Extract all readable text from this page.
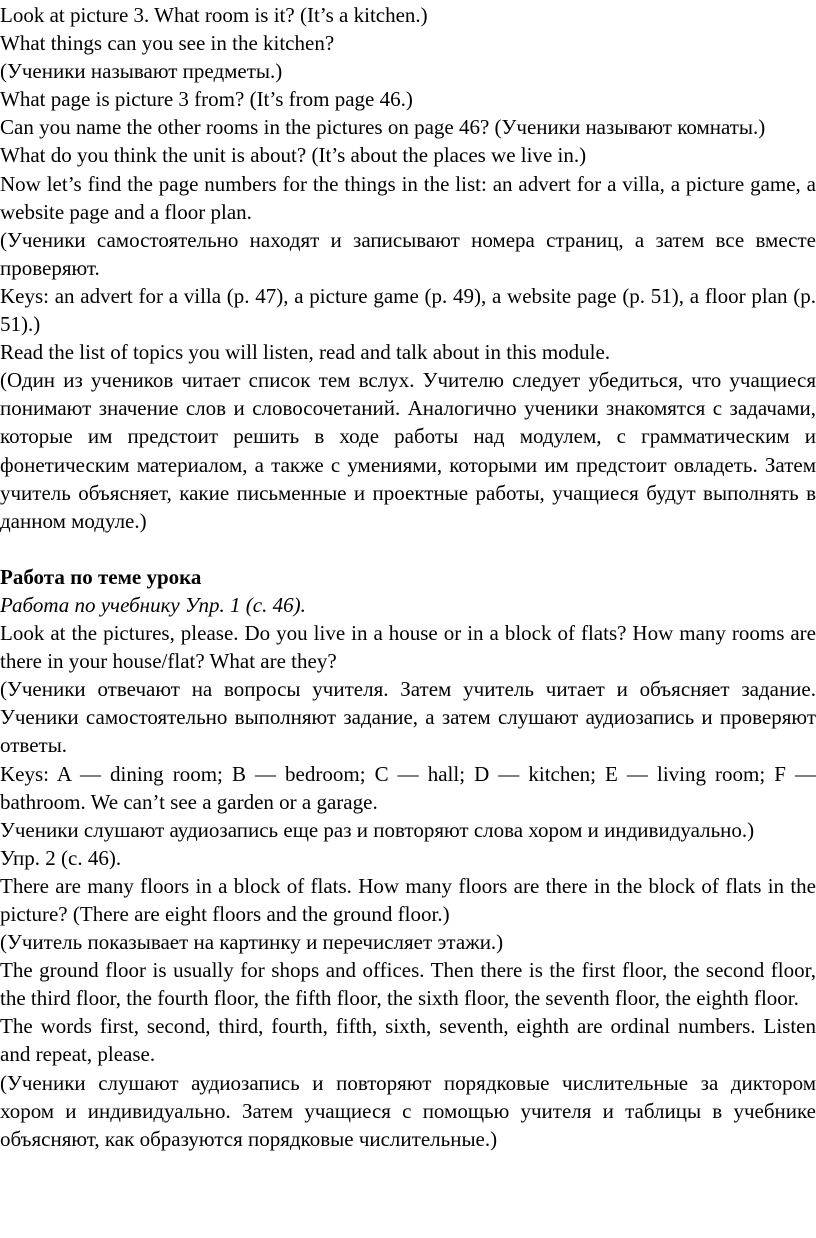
Look at picture 3. What room is it? (It’s a kitchen.)

What things can you see in the kitchen?

(Ученики называют предметы.)

What page is picture 3 from? (It’s from page 46.)

Can you name the other rooms in the pictures on page 46? (Ученики называют комнаты.)

What do you think the unit is about? (It’s about the places we live in.)

Now let’s find the page numbers for the things in the list: an advert for a villa, a picture game, a website page and a floor plan.

(Ученики самостоятельно находят и записывают номера страниц, а затем все вместе проверяют.

Keys: an advert for a villa (p. 47), a picture game (p. 49), a website page (p. 51), a floor plan (p. 51).)

Read the list of topics you will listen, read and talk about in this module.

(Один из учеников читает список тем вслух. Учителю следует убедиться, что учащиеся понимают значение слов и словосочетаний. Аналогично ученики знакомятся с задачами, которые им предстоит решить в ходе работы над модулем, с грамматическим и фонетическим материалом, а также с умениями, которыми им предстоит овладеть. Затем учитель объясняет, какие письменные и проектные работы, учащиеся будут выполнять в данном модуле.)

Работа по теме урока

Работа по учебнику Упр. 1 (с. 46).

Look at the pictures, please. Do you live in a house or in a block of flats? How many rooms are there in your house/flat? What are they?

(Ученики отвечают на вопросы учителя. Затем учитель читает и объясняет задание. Ученики самостоятельно выполняют задание, а затем слушают аудиозапись и проверяют ответы.

Keys: A — dining room; B — bedroom; C — hall; D — kitchen; E — living room; F — bathroom. We can’t see a garden or a garage.

Ученики слушают аудиозапись еще раз и повторяют слова хором и индивидуально.)

Упр. 2 (с. 46).

There are many floors in a block of flats. How many floors are there in the block of flats in the picture? (There are eight floors and the ground floor.)

(Учитель показывает на картинку и перечисляет этажи.)

The ground floor is usually for shops and offices. Then there is the first floor, the second floor, the third floor, the fourth floor, the fifth floor, the sixth floor, the seventh floor, the eighth floor.

The words first, second, third, fourth, fifth, sixth, seventh, eighth are ordinal numbers. Listen and repeat, please.

(Ученики слушают аудиозапись и повторяют порядковые числительные за диктором хором и индивидуально. Затем учащиеся с помощью учителя и таблицы в учебнике объясняют, как образуются порядковые числительные.)
